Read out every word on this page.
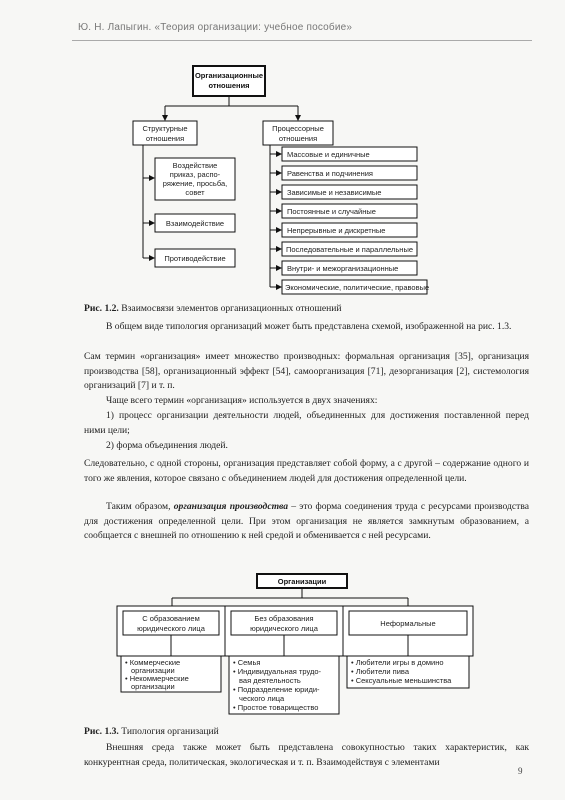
Ю. Н. Лапыгин. «Теория организации: учебное пособие»
Организационные
отношения
Структурные
отношения
Процессорные
отношения
Воздействие
приказ, распо-
ряжение, просьба,
совет
Взаимодействие
Противодействие
Массовые и единичные
Равенства и подчинения
Зависимые и независимые
Постоянные и случайные
Непрерывные и дискретные
Последовательные и параллельные
Внутри- и межорганизационные
Экономические, политические, правовые

Рис. 1.2. Взаимосвязи элементов организационных отношений

В общем виде типология организаций может быть представлена схемой, изображенной на рис. 1.3.

Сам термин «организация» имеет множество производных: формальная организация [35], организация производства [58], организационный эффект [54], самоорганизация [71], дезорганизация [2], системология организаций [7] и т. п.

Чаще всего термин «организация» используется в двух значениях:

1) процесс организации деятельности людей, объединенных для достижения поставленной перед ними цели;

2) форма объединения людей.

Следовательно, с одной стороны, организация представляет собой форму, а с другой – содержание одного и того же явления, которое связано с объединением людей для достижения определенной цели.

Таким образом, организация производства – это форма соединения труда с ресурсами производства для достижения определенной цели. При этом организация не является замкнутым образованием, а сообщается с внешней по отношению к ней средой и обменивается с ней ресурсами.

Организации
С образованием
юридического лица
Без образования
юридического лица
Неформальные
• Коммерческие
организации
• Некоммерческие
организации
• Семья
• Индивидуальная трудо-
вая деятельность
• Подразделение юриди-
ческого лица
• Простое товарищество
• Любители игры в домино
• Любители пива
• Сексуальные меньшинства

Рис. 1.3. Типология организаций

Внешняя среда также может быть представлена совокупностью таких характеристик, как конкурентная среда, политическая, экологическая и т. п. Взаимодействуя с элементами

9
